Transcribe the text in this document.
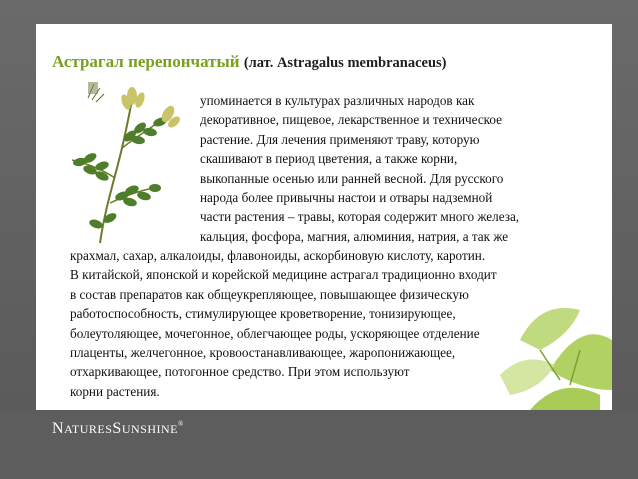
Астрагал перепончатый (лат. Astragalus membranaceus)
упоминается в культурах различных народов как
декоративное, пищевое, лекарственное и техническое
растение. Для лечения применяют траву, которую
скашивают в период цветения, а также корни,
выкопанные осенью или ранней весной. Для русского
народа более привычны настои и отвары надземной
части растения – травы, которая содержит много железа,
кальция, фосфора, магния, алюминия, натрия, а так же
крахмал, сахар, алкалоиды, флавоноиды, аскорбиновую кислоту, каротин.
В китайской, японской и корейской медицине астрагал традиционно входит
в состав препаратов как общеукрепляющее, повышающее физическую
работоспособность, стимулирующее кроветворение, тонизирующее,
болеутоляющее, мочегонное, облегчающее роды, ускоряющее отделение
плаценты, желчегонное, кровоостанавливающее, жаропонижающее,
отхаркивающее, потогонное средство. При этом используют
корни растения.
NATURESSUNSHINE®
